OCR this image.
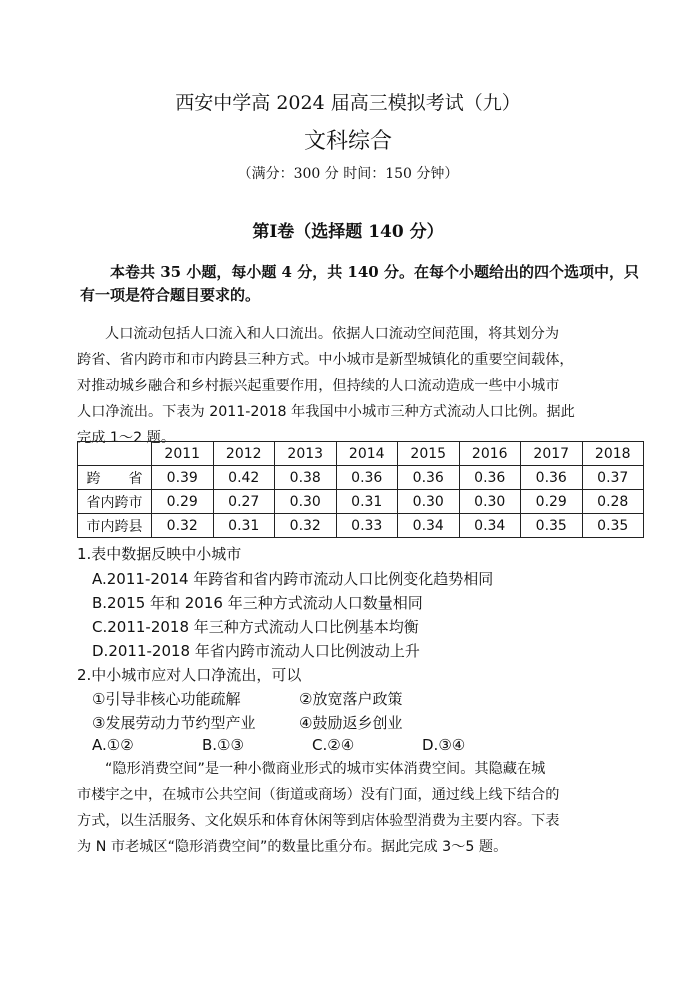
西安中学高 2024 届高三模拟考试（九）
文科综合
（满分：300 分 时间：150 分钟）
第Ⅰ卷（选择题 140 分）
本卷共 35 小题，每小题 4 分，共 140 分。在每个小题给出的四个选项中，只有一项是符合题目要求的。
人口流动包括人口流入和人口流出。依据人口流动空间范围，将其划分为
跨省、省内跨市和市内跨县三种方式。中小城市是新型城镇化的重要空间载体，
对推动城乡融合和乡村振兴起重要作用，但持续的人口流动造成一些中小城市
人口净流出。下表为 2011-2018 年我国中小城市三种方式流动人口比例。据此
完成 1～2 题。
	2011	2012	2013	2014	2015	2016	2017	2018
跨　　省	0.39	0.42	0.38	0.36	0.36	0.36	0.36	0.37
省内跨市	0.29	0.27	0.30	0.31	0.30	0.30	0.29	0.28
市内跨县	0.32	0.31	0.32	0.33	0.34	0.34	0.35	0.35
1.表中数据反映中小城市
A.2011-2014 年跨省和省内跨市流动人口比例变化趋势相同
B.2015 年和 2016 年三种方式流动人口数量相同
C.2011-2018 年三种方式流动人口比例基本均衡
D.2011-2018 年省内跨市流动人口比例波动上升
2.中小城市应对人口净流出，可以
①引导非核心功能疏解	②放宽落户政策
③发展劳动力节约型产业	④鼓励返乡创业
A.①②	B.①③	C.②④	D.③④
“隐形消费空间”是一种小微商业形式的城市实体消费空间。其隐藏在城
市楼宇之中，在城市公共空间（街道或商场）没有门面，通过线上线下结合的
方式，以生活服务、文化娱乐和体育休闲等到店体验型消费为主要内容。下表
为 N 市老城区“隐形消费空间”的数量比重分布。据此完成 3～5 题。
